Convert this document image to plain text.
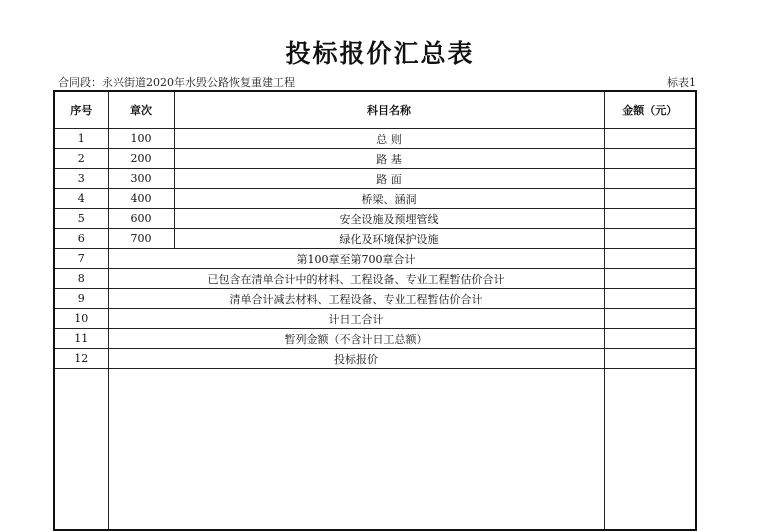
投标报价汇总表
合同段：永兴街道2020年水毁公路恢复重建工程	标表1
序号	章次	科目名称	金额（元）
1	100	总 则	
2	200	路 基	
3	300	路 面	
4	400	桥梁、涵洞	
5	600	安全设施及预埋管线	
6	700	绿化及环境保护设施	
7	第100章至第700章合计		
8	已包含在清单合计中的材料、工程设备、专业工程暂估价合计		
9	清单合计减去材料、工程设备、专业工程暂估价合计		
10	计日工合计		
11	暂列金额（不含计日工总额）		
12	投标报价		
